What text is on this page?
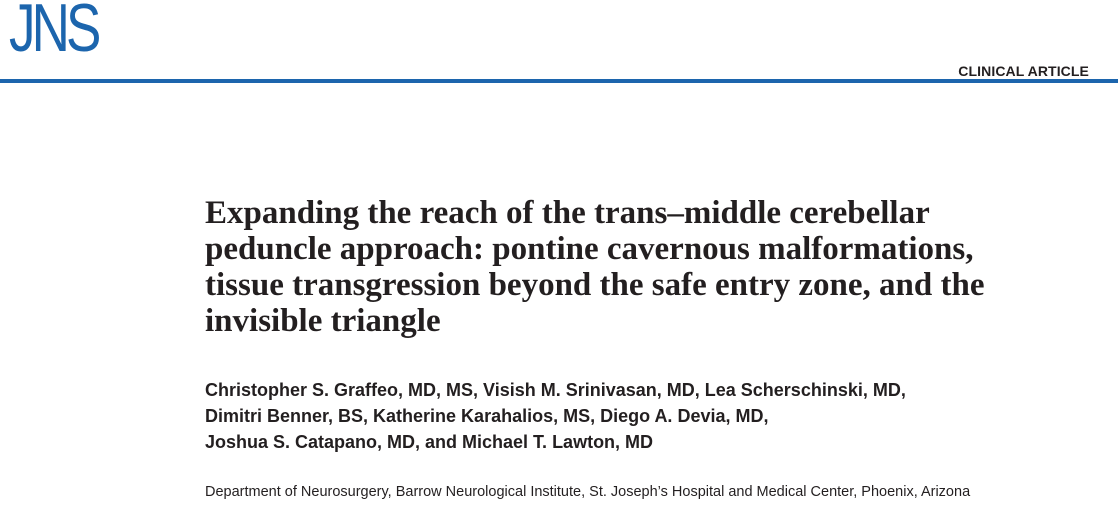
JNS
CLINICAL ARTICLE
Expanding the reach of the trans–middle cerebellar
peduncle approach: pontine cavernous malformations,
tissue transgression beyond the safe entry zone, and the
invisible triangle
Christopher S. Graffeo, MD, MS, Visish M. Srinivasan, MD, Lea Scherschinski, MD,
Dimitri Benner, BS, Katherine Karahalios, MS, Diego A. Devia, MD,
Joshua S. Catapano, MD, and Michael T. Lawton, MD
Department of Neurosurgery, Barrow Neurological Institute, St. Joseph’s Hospital and Medical Center, Phoenix, Arizona
